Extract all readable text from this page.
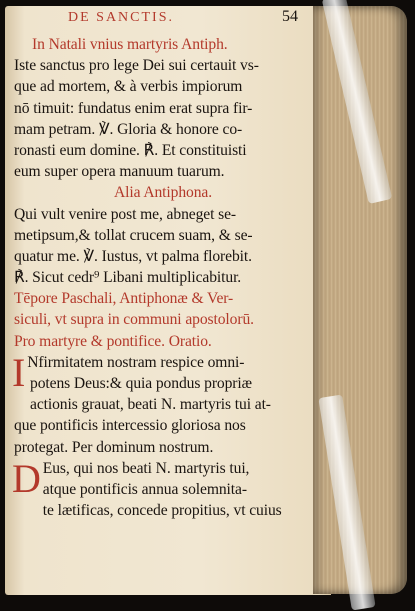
DE SANCTIS.	54
In Natali vnius martyris Antiph.
Iste sanctus pro lege Dei sui certauit vs-
que ad mortem, & à verbis impiorum
nō timuit: fundatus enim erat supra fir-
mam petram. ℣. Gloria & honore co-
ronasti eum domine. ℟. Et constituisti
eum super opera manuum tuarum.
Alia Antiphona.
Qui vult venire post me, abneget se-
metipsum,& tollat crucem suam, & se-
quatur me. ℣. Iustus, vt palma florebit.
℟. Sicut cedr⁹ Libani multiplicabitur.
Tēpore Paschali, Antiphonæ & Ver-
siculi, vt supra in communi apostolorū.
Pro martyre & pontifice. Oratio.
I Nfirmitatem nostram respice omni-
potens Deus:& quia pondus propriæ
actionis grauat, beati N. martyris tui at-
que pontificis intercessio gloriosa nos
protegat. Per dominum nostrum.
D Eus, qui nos beati N. martyris tui,
atque pontificis annua solemnita-
te lætificas, concede propitius, vt cuius
